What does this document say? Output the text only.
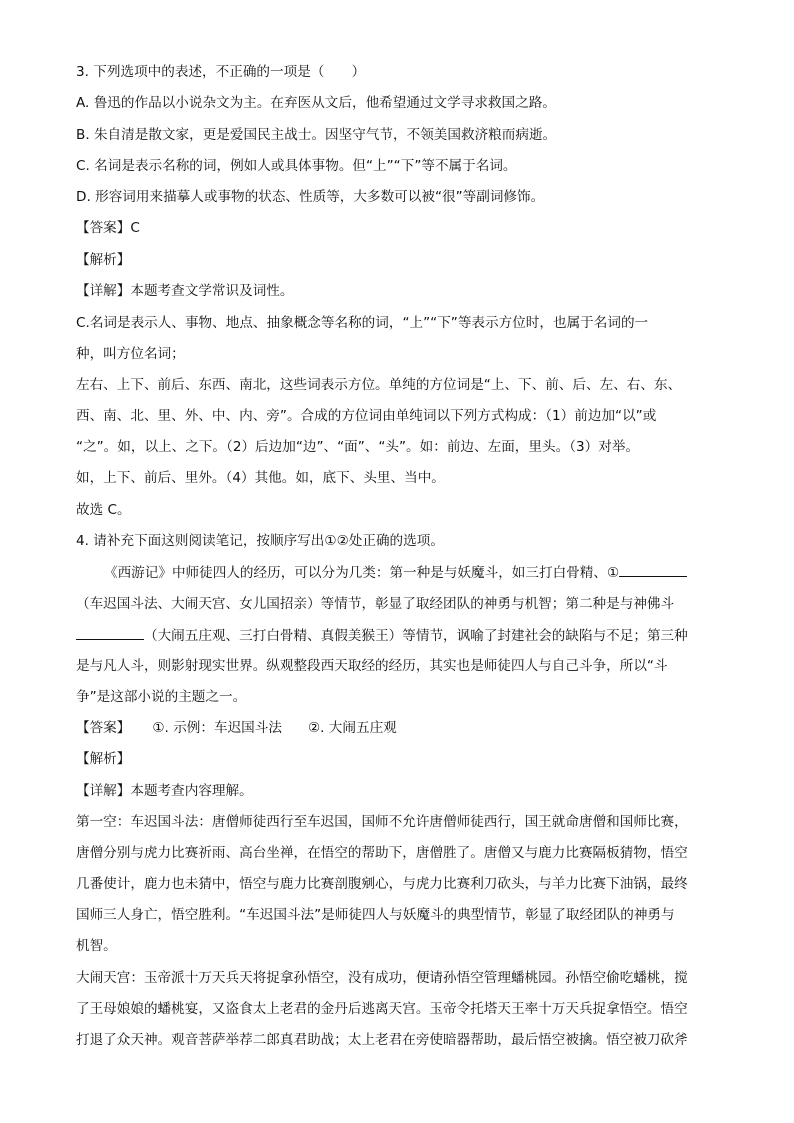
3. 下列选项中的表述，不正确的一项是（　　）
A. 鲁迅的作品以小说杂文为主。在弃医从文后，他希望通过文学寻求救国之路。
B. 朱自清是散文家，更是爱国民主战士。因坚守气节，不领美国救济粮而病逝。
C. 名词是表示名称的词，例如人或具体事物。但“上”“下”等不属于名词。
D. 形容词用来描摹人或事物的状态、性质等，大多数可以被“很”等副词修饰。
【答案】C
【解析】
【详解】本题考查文学常识及词性。
C.名词是表示人、事物、地点、抽象概念等名称的词，“上”“下”等表示方位时，也属于名词的一
种，叫方位名词；
左右、上下、前后、东西、南北，这些词表示方位。单纯的方位词是“上、下、前、后、左、右、东、
西、南、北、里、外、中、内、旁”。合成的方位词由单纯词以下列方式构成：（1）前边加“以”或
“之”。如，以上、之下。（2）后边加“边”、“面”、“头”。如：前边、左面，里头。（3）对举。
如，上下、前后、里外。（4）其他。如，底下、头里、当中。
故选 C。
4. 请补充下面这则阅读笔记，按顺序写出①②处正确的选项。
《西游记》中师徒四人的经历，可以分为几类：第一种是与妖魔斗，如三打白骨精、①
（车迟国斗法、大闹天宫、女儿国招亲）等情节，彰显了取经团队的神勇与机智；第二种是与神佛斗
（大闹五庄观、三打白骨精、真假美猴王）等情节，讽喻了封建社会的缺陷与不足；第三种
是与凡人斗，则影射现实世界。纵观整段西天取经的经历，其实也是师徒四人与自己斗争，所以“斗
争”是这部小说的主题之一。
【答案】 ①. 示例：车迟国斗法 ②. 大闹五庄观
【解析】
【详解】本题考查内容理解。
第一空：车迟国斗法：唐僧师徒西行至车迟国，国师不允许唐僧师徒西行，国王就命唐僧和国师比赛，
唐僧分别与虎力比赛祈雨、高台坐禅，在悟空的帮助下，唐僧胜了。唐僧又与鹿力比赛隔板猜物，悟空
几番使计，鹿力也未猜中，悟空与鹿力比赛剖腹剜心，与虎力比赛利刀砍头，与羊力比赛下油锅，最终
国师三人身亡，悟空胜利。“车迟国斗法”是师徒四人与妖魔斗的典型情节，彰显了取经团队的神勇与
机智。
大闹天宫：玉帝派十万天兵天将捉拿孙悟空，没有成功，便请孙悟空管理蟠桃园。孙悟空偷吃蟠桃，搅
了王母娘娘的蟠桃宴，又盗食太上老君的金丹后逃离天宫。玉帝令托塔天王率十万天兵捉拿悟空。悟空
打退了众天神。观音菩萨举荐二郎真君助战；太上老君在旁使暗器帮助，最后悟空被擒。悟空被刀砍斧
